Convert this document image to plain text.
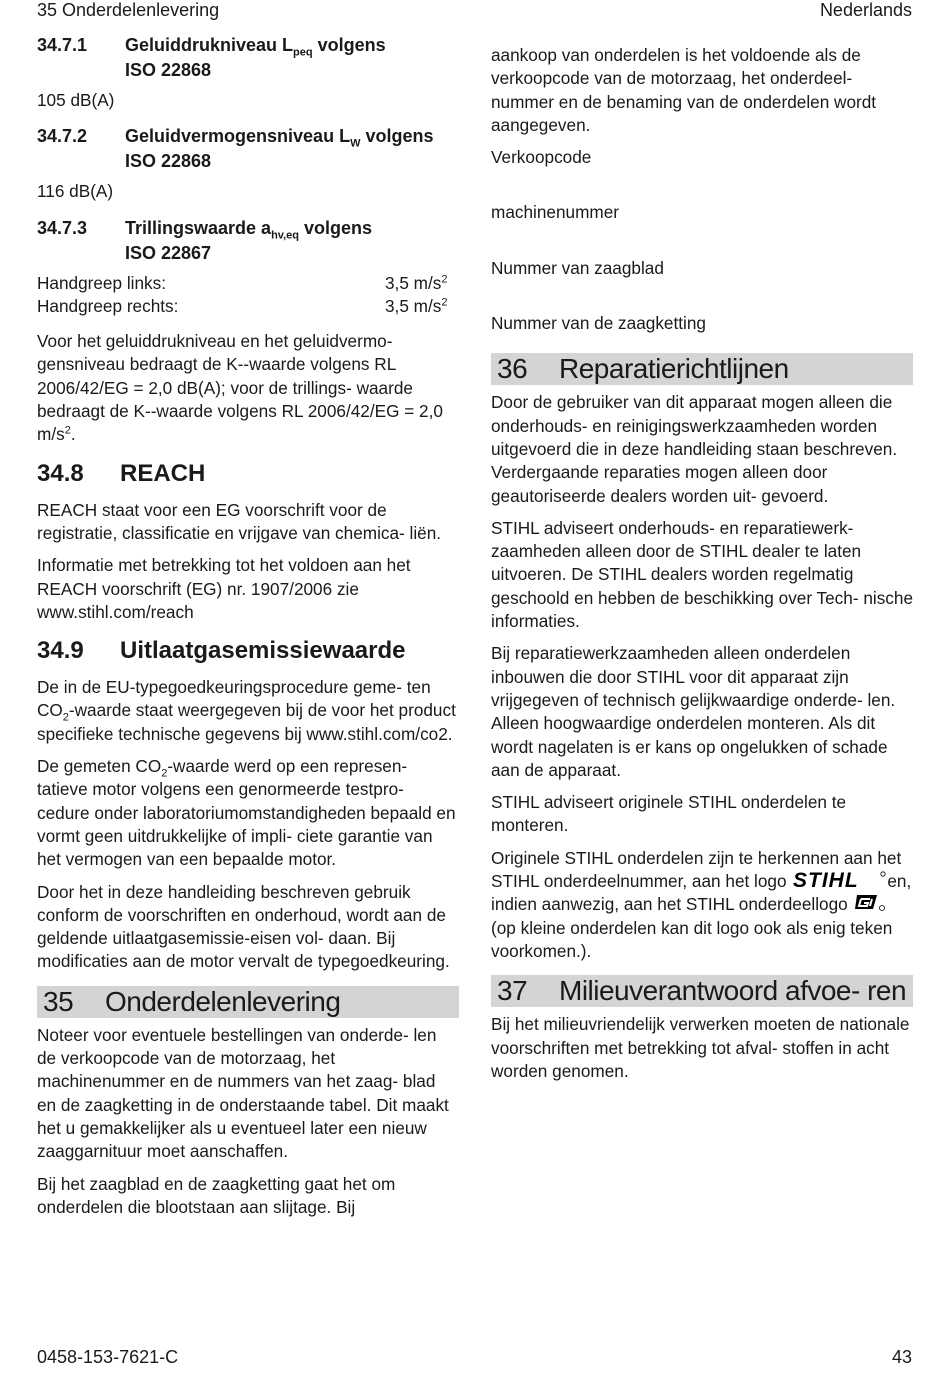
35 Onderdelenlevering	Nederlands
34.7.1	Geluiddrukniveau $L_{peq}$ volgens
ISO 22868
105 dB(A)
34.7.2	Geluidvermogensniveau $L_W$ volgens
ISO 22868
116 dB(A)
34.7.3	Trillingswaarde $a_{hv,eq}$ volgens
ISO 22867
Handgreep links:	3,5 $m/s^2$
Handgreep rechts:	3,5 $m/s^2$

Voor het geluiddrukniveau en het geluidvermo- gensniveau bedraagt de K--waarde volgens RL 2006/42/EG = 2,0 dB(A); voor de trillings- waarde bedraagt de K--waarde volgens RL 2006/42/EG = 2,0 $m/s^2$.

34.8	REACH

REACH staat voor een EG voorschrift voor de registratie, classificatie en vrijgave van chemica- liën.

Informatie met betrekking tot het voldoen aan het REACH voorschrift (EG) nr. 1907/2006 zie www.stihl.com/reach

34.9	Uitlaatgasemissiewaarde

De in de EU-typegoedkeuringsprocedure geme- ten $CO_2$-waarde staat weergegeven bij de voor het product specifieke technische gegevens bij www.stihl.com/co2.

De gemeten $CO_2$-waarde werd op een represen- tatieve motor volgens een genormeerde testpro- cedure onder laboratoriumomstandigheden bepaald en vormt geen uitdrukkelijke of impli- ciete garantie van het vermogen van een bepaalde motor.

Door het in deze handleiding beschreven gebruik conform de voorschriften en onderhoud, wordt aan de geldende uitlaatgasemissie-eisen vol- daan. Bij modificaties aan de motor vervalt de typegoedkeuring.

35	Onderdelenlevering

Noteer voor eventuele bestellingen van onderde- len de verkoopcode van de motorzaag, het machinenummer en de nummers van het zaag- blad en de zaagketting in de onderstaande tabel. Dit maakt het u gemakkelijker als u eventueel later een nieuw zaaggarnituur moet aanschaffen.

Bij het zaagblad en de zaagketting gaat het om onderdelen die blootstaan aan slijtage. Bij

aankoop van onderdelen is het voldoende als de verkoopcode van de motorzaag, het onderdeel- nummer en de benaming van de onderdelen wordt aangegeven.

Verkoopcode
machinenummer
Nummer van zaagblad
Nummer van de zaagketting
36	Reparatierichtlijnen

Door de gebruiker van dit apparaat mogen alleen die onderhouds- en reinigingswerkzaamheden worden uitgevoerd die in deze handleiding staan beschreven. Verdergaande reparaties mogen alleen door geautoriseerde dealers worden uit- gevoerd.

STIHL adviseert onderhouds- en reparatiewerk- zaamheden alleen door de STIHL dealer te laten uitvoeren. De STIHL dealers worden regelmatig geschoold en hebben de beschikking over Tech- nische informaties.

Bij reparatiewerkzaamheden alleen onderdelen inbouwen die door STIHL voor dit apparaat zijn vrijgegeven of technisch gelijkwaardige onderde- len. Alleen hoogwaardige onderdelen monteren. Als dit wordt nagelaten is er kans op ongelukken of schade aan de apparaat.

STIHL adviseert originele STIHL onderdelen te monteren.

Originele STIHL onderdelen zijn te herkennen aan het STIHL onderdeelnummer, aan het logo STIHL en, indien aanwezig, aan het STIHL onderdeellogo  (op kleine onderdelen kan dit logo ook als enig teken voorkomen.).

37	Milieuverantwoord afvoe- ren

Bij het milieuvriendelijk verwerken moeten de nationale voorschriften met betrekking tot afval- stoffen in acht worden genomen.

0458-153-7621-C	43
